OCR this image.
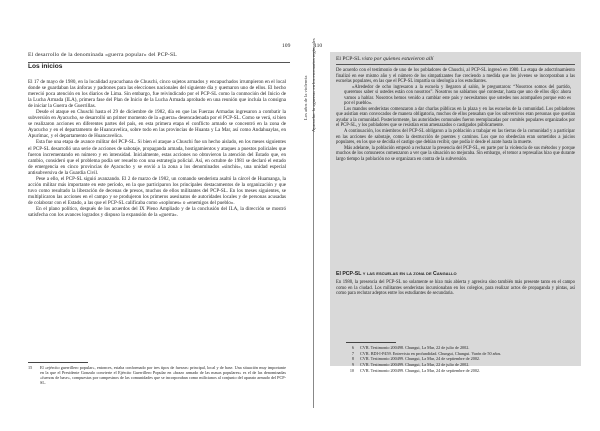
El desarrollo de la denominada «guerra popular» del PCP-SL
109
Los inicios

El 17 de mayo de 1980, en la localidad ayacuchana de Chuschi, cinco sujetos armados y encapuchados irrumpieron en el local donde se guardaban las ánforas y padrones para las elecciones nacionales del siguiente día y quemaron uno de ellos. El hecho mereció poca atención en los diarios de Lima. Sin embargo, fue reivindicado por el PCP-SL como la conmoción del Inicio de la Lucha Armada (ILA), primera fase del Plan de Inicio de la Lucha Armada aprobado en una reunión que incluía la consigna de iniciar la Guerra de Guerrillas.

Desde el ataque en Chuschi hasta el 29 de diciembre de 1982, día en que las Fuerzas Armadas ingresaron a combatir la subversión en Ayacucho, se desarrolló un primer momento de la «guerra» desencadenada por el PCP-SL. Como se verá, si bien se realizaron acciones en diferentes partes del país, en esta primera etapa el conflicto armado se concentró en la zona de Ayacucho y en el departamento de Huancavelica, sobre todo en las provincias de Huanta y La Mar, así como Andahuaylas, en Apurímac, y el departamento de Huancavelica.

Esta fue una etapa de avance militar del PCP-SL. Si bien el ataque a Chuschi fue un hecho aislado, en los meses siguientes el PCP-SL desarrolló una serie de acciones de sabotaje, propaganda armada, hostigamientos y ataques a puestos policiales que fueron incrementando en número y en intensidad. Inicialmente, estas acciones no obtuvieron la atención del Estado que, en cambio, consideró que el problema podía ser resuelto con una estrategia policial. Así, en octubre de 1981 se declaró el estado de emergencia en cinco provincias de Ayacucho y se envió a la zona a los denominados «sinchis», una unidad especial antisubversiva de la Guardia Civil.

Pese a ello, el PCP-SL siguió avanzando. El 2 de marzo de 1982, un comando senderista asaltó la cárcel de Huamanga, la acción militar más importante en este período, en la que participaron los principales destacamentos de la organización y que tuvo como resultado la liberación de decenas de presos, muchos de ellos militantes del PCP-SL. En los meses siguientes, se multiplicaron las acciones en el campo y se produjeron los primeros asesinatos de autoridades locales y de personas acusadas de colaborar con el Estado, a las que el PCP-SL calificaba como «soplones» o «enemigos del pueblo».

En el plano político, después de los acuerdos del IX Pleno Ampliado y de la conclusión del ILA, la dirección se mostró satisfecha con los avances logrados y dispuso la expansión de la «guerra».

15	El «ejército guerrillero popular», entonces, estaba conformado por tres tipos de fuerzas: principal, local y de base. Una situación muy importante en la que el Presidente Gonzalo convierte el Ejército Guerrillero Popular en «brazo armado de las masas populares» es el de las denominadas «fuerzas de base», compuestas por campesinos de las comunidades que se incorporaban como milicianos al conjunto del aparato armado del PCP-SL.
Los años de la violencia Ayacucho: la «guerra» en los escenarios regionales
110
El PCP-SL visto por quienes estuvieron allí

De acuerdo con el testimonio de uno de los pobladores de Chuschi, al PCP-SL ingresó en 1980. La etapa de adoctrinamiento finalizó en ese mismo año y el número de los simpatizantes fue creciendo a medida que los jóvenes se incorporaban a las escuelas populares, en las que el PCP-SL impartía su ideología a los estudiantes.

«Alrededor de ocho ingresaron a la escuela y llegaron al salón, le preguntaron: “Nosotros somos del partido, queremos saber si ustedes están con nosotros”. Nosotros no sabíamos qué contestar, hasta que uno de ellos dijo: ahora vamos a hablar. Nosotros hemos venido a cambiar este país y necesitamos que ustedes nos acompañen porque esto es por el pueblo».

Los mandos senderistas comenzaron a dar charlas públicas en la plaza y en las escuelas de la comunidad. Los pobladores que asistían eran convocados de manera obligatoria, muchos de ellos pensaban que los subversivos eran personas que querían ayudar a la comunidad. Posteriormente, las autoridades comunales fueron reemplazadas por comités populares organizados por el PCP-SL, y los pobladores que se resistían eran amenazados o castigados públicamente.

A continuación, los miembros del PCP-SL obligaron a la población a trabajar en las tierras de la comunidad y a participar en las acciones de sabotaje, como la destrucción de puentes y caminos. Los que no obedecían eran sometidos a juicios populares, en los que se decidía el castigo que debían recibir, que podía ir desde el azote hasta la muerte.

Más adelante, la población empezó a rechazar la presencia del PCP-SL, en parte por la violencia de sus métodos y porque muchos de los comuneros comenzaron a ver que la situación no mejoraba. Sin embargo, el temor a represalias hizo que durante largo tiempo la población no se organizara en contra de la subversión.

El PCP-SL y las escuelas en la zona de Cangallo

En 1980, la presencia del PCP-SL no solamente se hizo más abierta y agresiva sino también más presente tanto en el campo como en la ciudad. Los militantes senderistas incursionaban en los colegios, para realizar actos de propaganda y pintas, así como para reclutar adeptos entre los estudiantes de secundaria.

6 CVR. Testimonio 200498. Chungui, La Mar, 22 de julio de 2002.
7 CVR. BDI-I-P459. Entrevista en profundidad. Chungui, Chungui. Varón de 50 años.
8 CVR. Testimonio 200499. Chungui, La Mar, 24 de septiembre de 2002.
9 CVR. Testimonio 200499. Chungui, La Mar, 22 de julio de 2002.
10 CVR. Testimonio 200499. Chungui, La Mar, 24 de septiembre de 2002.
